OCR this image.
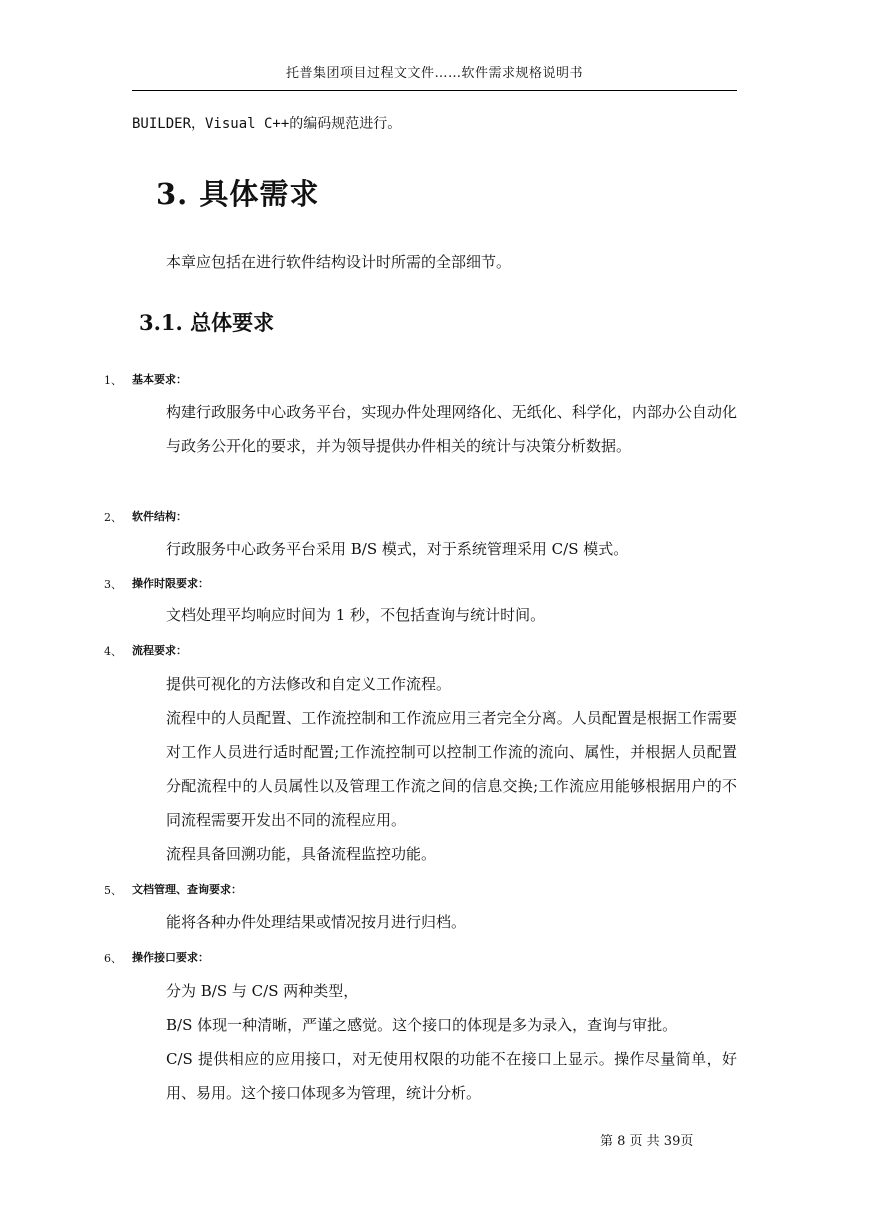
托普集团项目过程文文件……软件需求规格说明书
BUILDER，Visual C++的编码规范进行。
3. 具体需求
本章应包括在进行软件结构设计时所需的全部细节。
3.1. 总体要求
1、 基本要求：
构建行政服务中心政务平台，实现办件处理网络化、无纸化、科学化，内部办公自动化与政务公开化的要求，并为领导提供办件相关的统计与决策分析数据。
2、 软件结构：
行政服务中心政务平台采用 B/S 模式，对于系统管理采用 C/S 模式。
3、 操作时限要求：
文档处理平均响应时间为 1 秒，不包括查询与统计时间。
4、 流程要求：
提供可视化的方法修改和自定义工作流程。
流程中的人员配置、工作流控制和工作流应用三者完全分离。人员配置是根据工作需要对工作人员进行适时配置;工作流控制可以控制工作流的流向、属性，并根据人员配置分配流程中的人员属性以及管理工作流之间的信息交换;工作流应用能够根据用户的不同流程需要开发出不同的流程应用。
流程具备回溯功能，具备流程监控功能。
5、 文档管理、查询要求：
能将各种办件处理结果或情况按月进行归档。
6、 操作接口要求：
分为 B/S 与 C/S 两种类型，
B/S 体现一种清晰，严谨之感觉。这个接口的体现是多为录入，查询与审批。
C/S 提供相应的应用接口，对无使用权限的功能不在接口上显示。操作尽量简单，好用、易用。这个接口体现多为管理，统计分析。
第 8 页 共 39页
